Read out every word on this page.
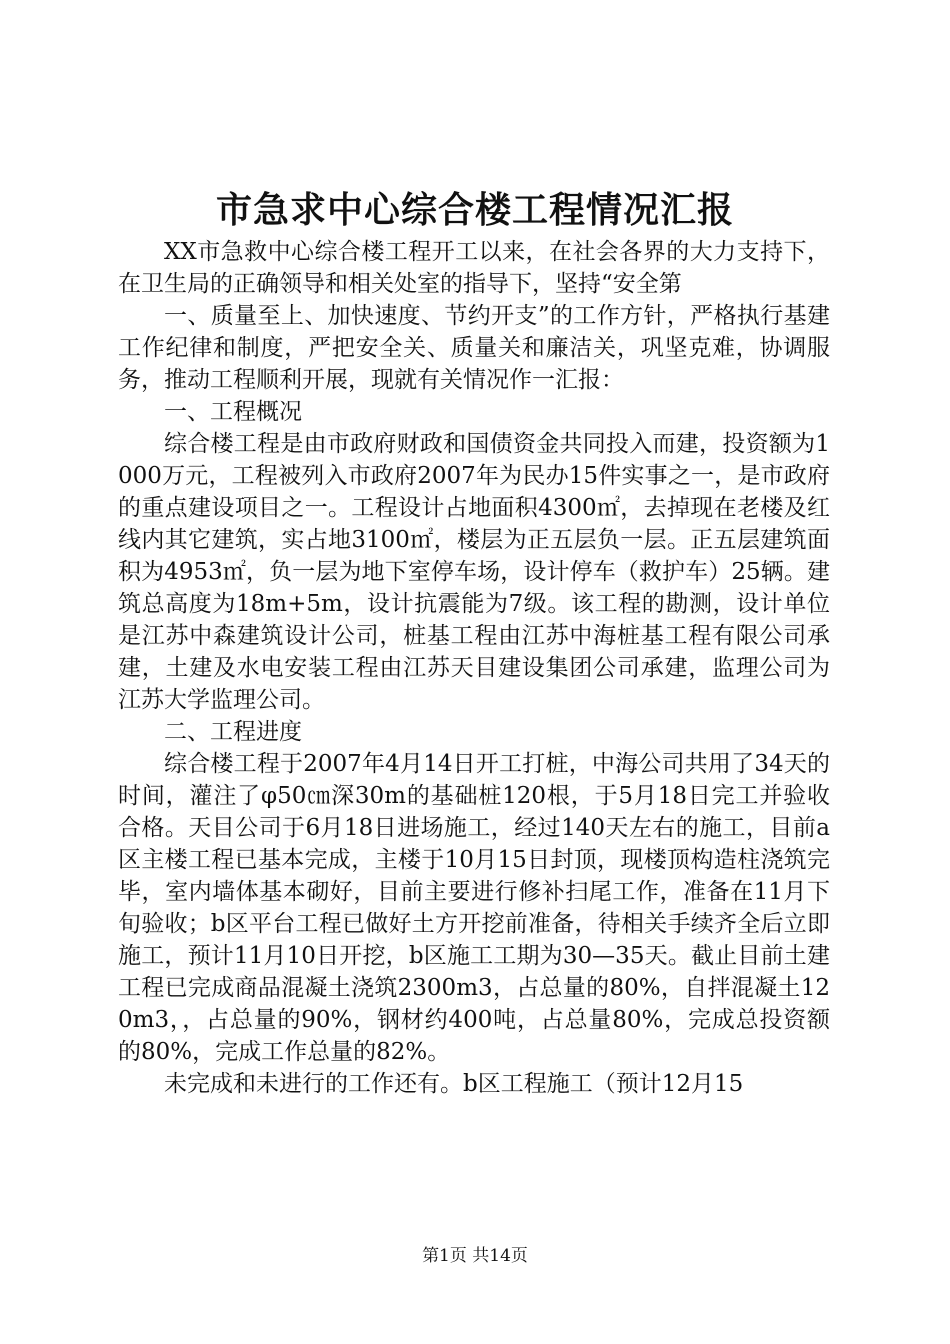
市急求中心综合楼工程情况汇报

XX市急救中心综合楼工程开工以来，在社会各界的大力支持下，在卫生局的正确领导和相关处室的指导下，坚持“安全第

一、质量至上、加快速度、节约开支”的工作方针，严格执行基建工作纪律和制度，严把安全关、质量关和廉洁关，巩坚克难，协调服务，推动工程顺利开展，现就有关情况作一汇报：

一、工程概况

综合楼工程是由市政府财政和国债资金共同投入而建，投资额为1000万元，工程被列入市政府2007年为民办15件实事之一，是市政府的重点建设项目之一。工程设计占地面积4300㎡，去掉现在老楼及红线内其它建筑，实占地3100㎡，楼层为正五层负一层。正五层建筑面积为4953㎡，负一层为地下室停车场，设计停车（救护车）25辆。建筑总高度为18m+5m，设计抗震能为7级。该工程的勘测，设计单位是江苏中森建筑设计公司，桩基工程由江苏中海桩基工程有限公司承建，土建及水电安装工程由江苏天目建设集团公司承建，监理公司为江苏大学监理公司。

二、工程进度

综合楼工程于2007年4月14日开工打桩，中海公司共用了34天的时间，灌注了φ50㎝深30m的基础桩120根，于5月18日完工并验收合格。天目公司于6月18日进场施工，经过140天左右的施工，目前a区主楼工程已基本完成，主楼于10月15日封顶，现楼顶构造柱浇筑完毕，室内墙体基本砌好，目前主要进行修补扫尾工作，准备在11月下旬验收；b区平台工程已做好土方开挖前准备，待相关手续齐全后立即施工，预计11月10日开挖，b区施工工期为30—35天。截止目前土建工程已完成商品混凝土浇筑2300m3，占总量的80%，自拌混凝土120m3，，占总量的90%，钢材约400吨，占总量80%，完成总投资额的80%，完成工作总量的82%。

未完成和未进行的工作还有。b区工程施工（预计12月15

第1页 共14页
